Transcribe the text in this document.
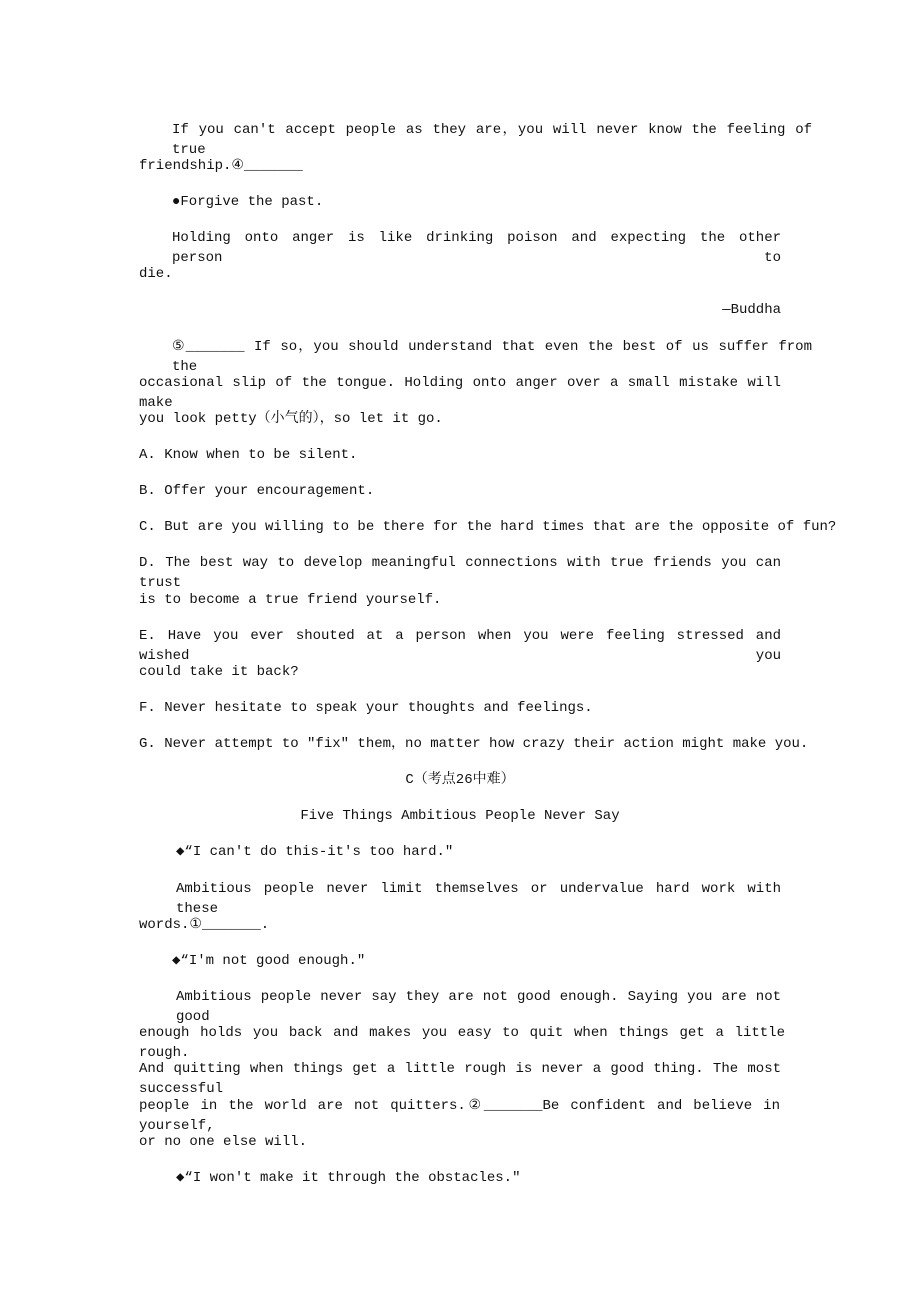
If you can't accept people as they are，you will never know the feeling of true
friendship.④_______
●Forgive the past.
Holding onto anger is like drinking poison and expecting the other person to
die.
—Buddha
⑤_______ If so，you should understand that even the best of us suffer from the
occasional slip of the tongue. Holding onto anger over a small mistake will make
you look petty（小气的），so let it go.
A. Know when to be silent.
B. Offer your encouragement.
C. But are you willing to be there for the hard times that are the opposite of fun?
D. The best way to develop meaningful connections with true friends you can trust
is to become a true friend yourself.
E. Have you ever shouted at a person when you were feeling stressed and wished you
could take it back?
F. Never hesitate to speak your thoughts and feelings.
G. Never attempt to "fix" them，no matter how crazy their action might make you.
C（考点26中难）
Five Things Ambitious People Never Say
◆“I can't do this-it's too hard.″
Ambitious people never limit themselves or undervalue hard work with these
words.①_______.
◆“I'm not good enough.″
Ambitious people never say they are not good enough. Saying you are not good
enough holds you back and makes you easy to quit when things get a little rough.
And quitting when things get a little rough is never a good thing. The most successful
people in the world are not quitters.②_______Be confident and believe in yourself,
or no one else will.
◆“I won't make it through the obstacles.″
